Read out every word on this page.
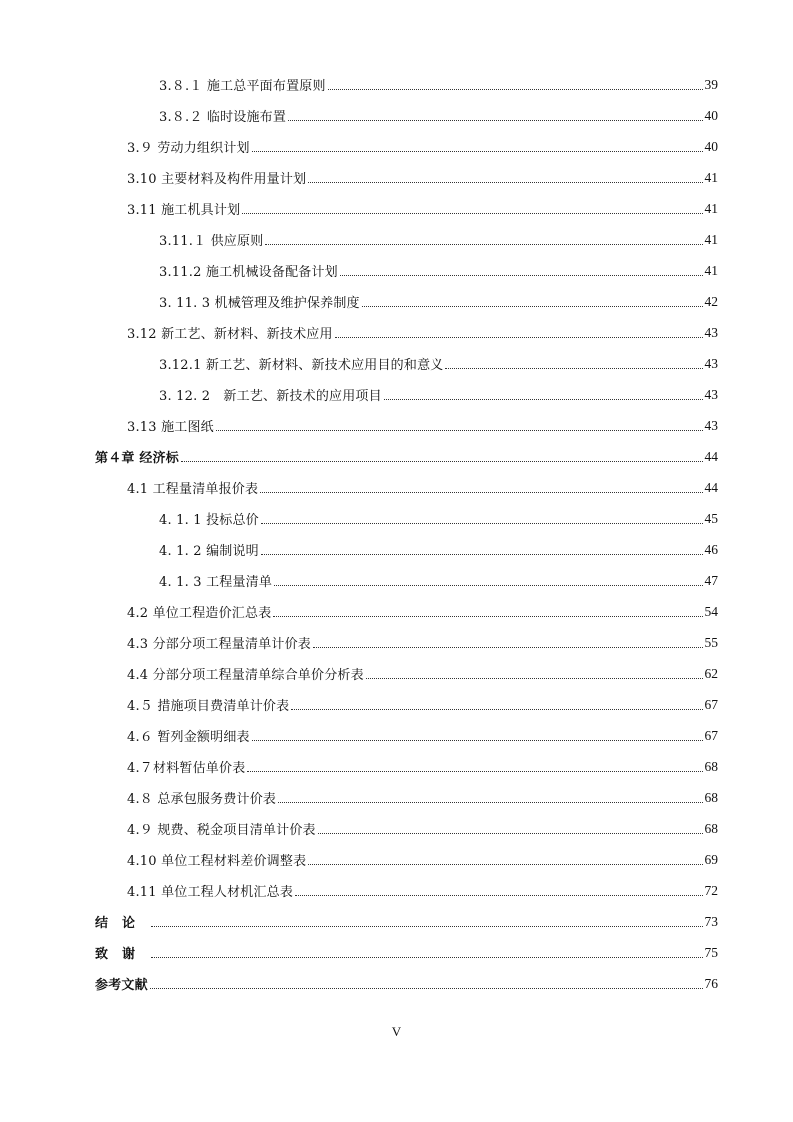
3.８.１ 施工总平面布置原则	39
3.８.２ 临时设施布置	40
3.９ 劳动力组织计划	40
3.10 主要材料及构件用量计划	41
3.11 施工机具计划	41
3.11.１ 供应原则	41
3.11.2 施工机械设备配备计划	41
3. 11. 3 机械管理及维护保养制度	42
3.12 新工艺、新材料、新技术应用	43
3.12.1 新工艺、新材料、新技术应用目的和意义	43
3. 12. 2　新工艺、新技术的应用项目	43
3.13 施工图纸	43
第４章 经济标	44
4.1 工程量清单报价表	44
4. 1. 1 投标总价	45
4. 1. 2 编制说明	46
4. 1. 3 工程量清单	47
4.2 单位工程造价汇总表	54
4.3 分部分项工程量清单计价表	55
4.4 分部分项工程量清单综合单价分析表	62
4.５ 措施项目费清单计价表	67
4.６ 暂列金额明细表	67
4.７材料暂估单价表	68
4.８ 总承包服务费计价表	68
4.９ 规费、税金项目清单计价表	68
4.10 单位工程材料差价调整表	69
4.11 单位工程人材机汇总表	72
结论	73
致谢	75
参考文献	76
V
